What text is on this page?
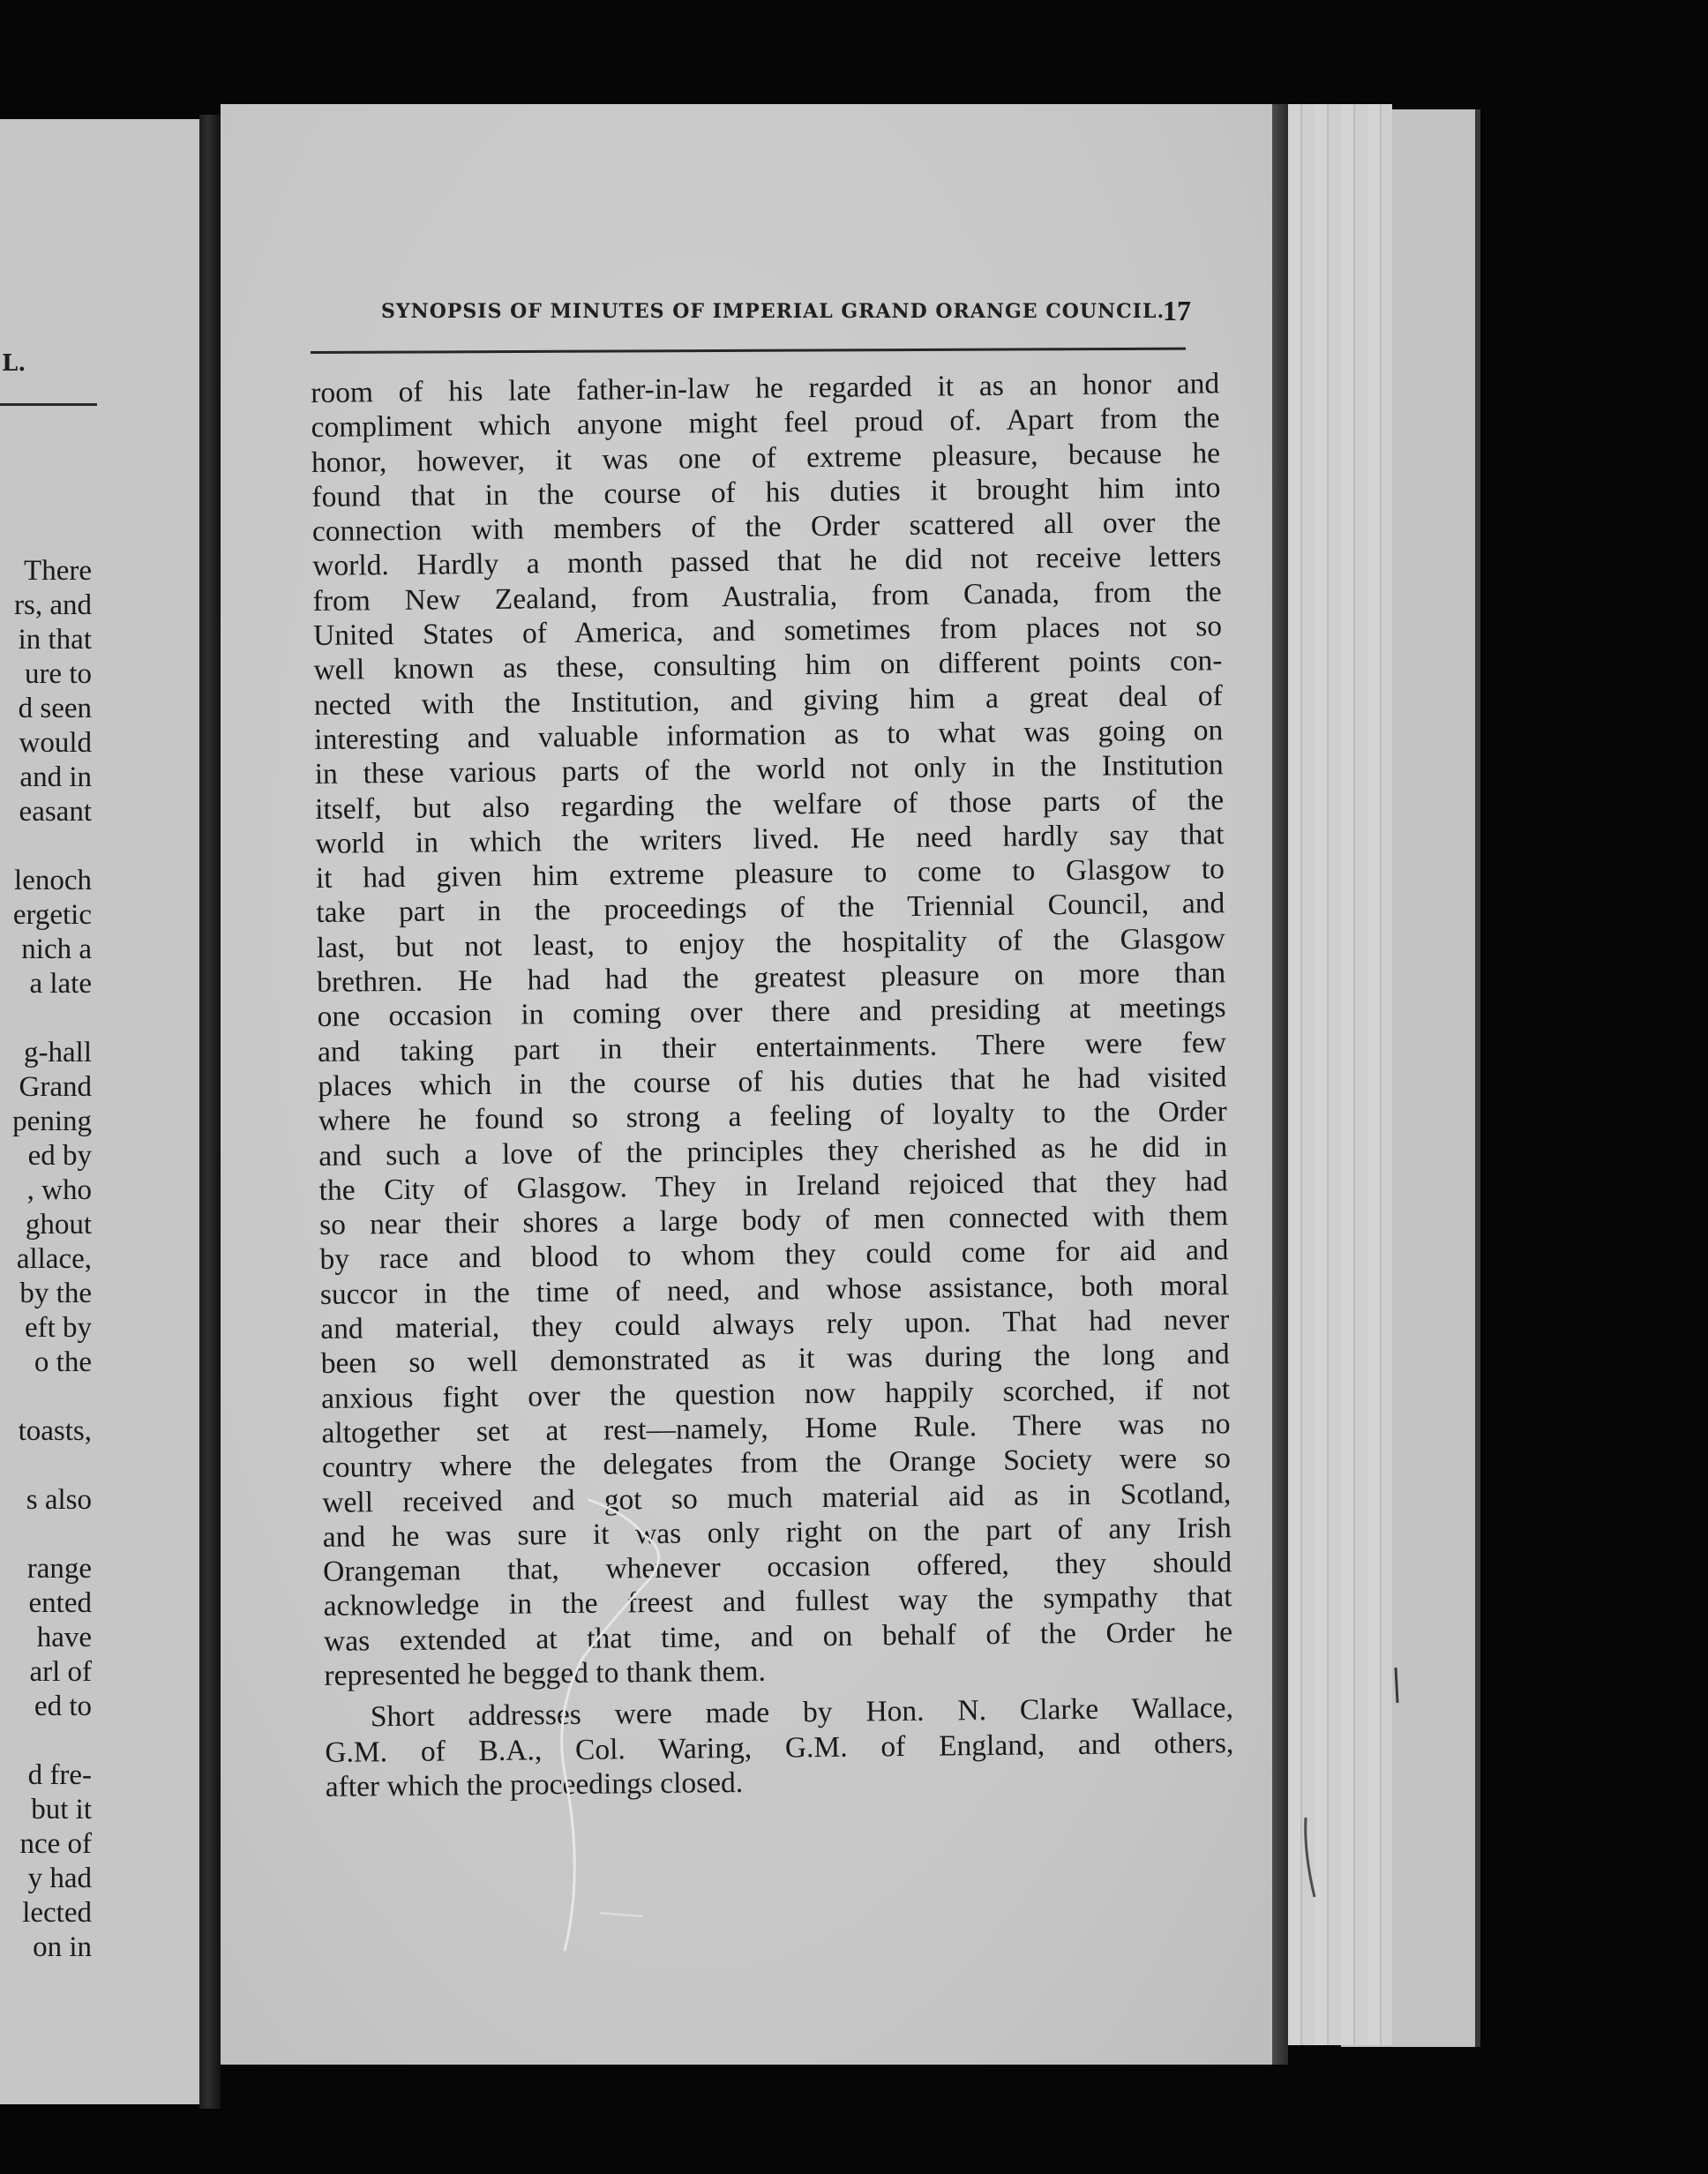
L.
There
rs, and
in that
ure to
d seen
would
and in
easant
lenoch
ergetic
nich a
a late
g-hall
Grand
pening
ed by
, who
ghout
allace,
by the
eft by
o the
toasts,
s also
range
ented
have
arl of
ed to
d fre-
but it
nce of
y had
lected
on in
SYNOPSIS OF MINUTES OF IMPERIAL GRAND ORANGE COUNCIL.
17
room of his late father-in-law he regarded it as an honor and
compliment which anyone might feel proud of. Apart from the
honor, however, it was one of extreme pleasure, because he
found that in the course of his duties it brought him into
connection with members of the Order scattered all over the
world. Hardly a month passed that he did not receive letters
from New Zealand, from Australia, from Canada, from the
United States of America, and sometimes from places not so
well known as these, consulting him on different points con-
nected with the Institution, and giving him a great deal of
interesting and valuable information as to what was going on
in these various parts of the world not only in the Institution
itself, but also regarding the welfare of those parts of the
world in which the writers lived. He need hardly say that
it had given him extreme pleasure to come to Glasgow to
take part in the proceedings of the Triennial Council, and
last, but not least, to enjoy the hospitality of the Glasgow
brethren. He had had the greatest pleasure on more than
one occasion in coming over there and presiding at meetings
and taking part in their entertainments. There were few
places which in the course of his duties that he had visited
where he found so strong a feeling of loyalty to the Order
and such a love of the principles they cherished as he did in
the City of Glasgow. They in Ireland rejoiced that they had
so near their shores a large body of men connected with them
by race and blood to whom they could come for aid and
succor in the time of need, and whose assistance, both moral
and material, they could always rely upon. That had never
been so well demonstrated as it was during the long and
anxious fight over the question now happily scorched, if not
altogether set at rest—namely, Home Rule. There was no
country where the delegates from the Orange Society were so
well received and got so much material aid as in Scotland,
and he was sure it was only right on the part of any Irish
Orangeman that, whenever occasion offered, they should
acknowledge in the freest and fullest way the sympathy that
was extended at that time, and on behalf of the Order he
represented he begged to thank them.
Short addresses were made by Hon. N. Clarke Wallace,
G.M. of B.A., Col. Waring, G.M. of England, and others,
after which the proceedings closed.
